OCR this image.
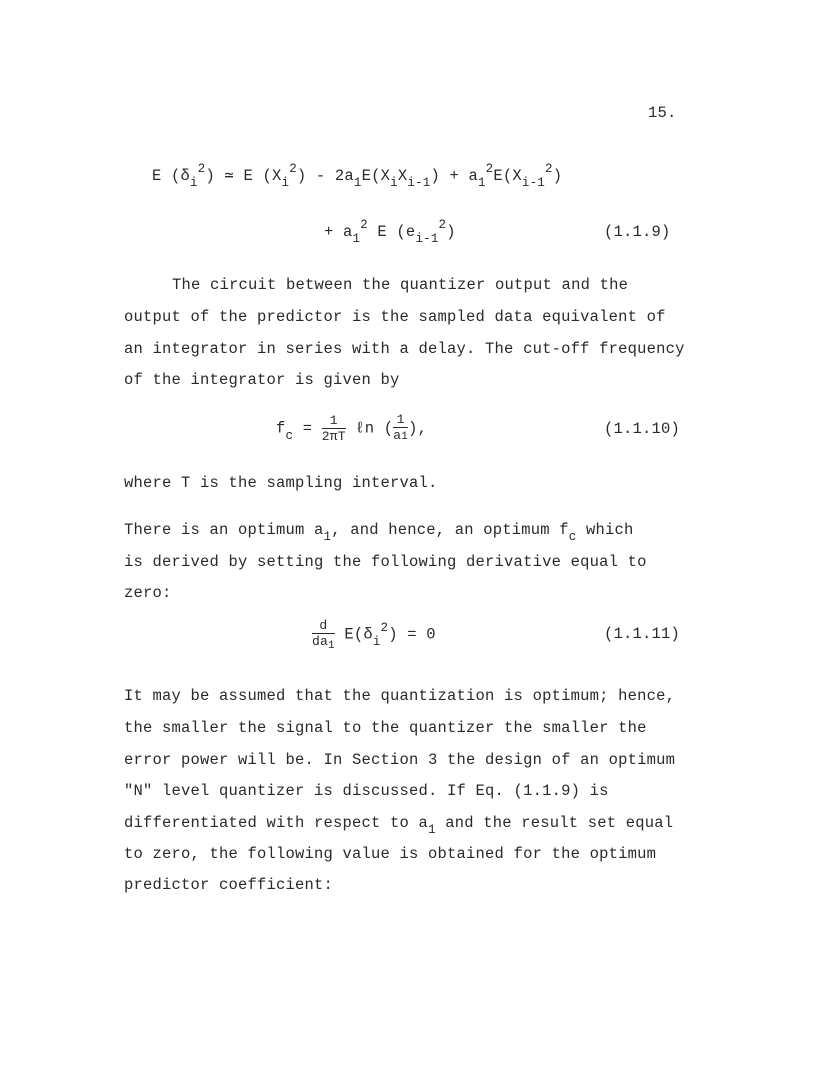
15.
E $(\delta_i^2)$ ≃ E $(X_i^2) - 2a_1E(X_iX_{i-1}) + a_1^2E(X_{i-1}^2)$
+ $a_1^2$ E $(e_{i-1}^2)$	(1.1.9)
The circuit between the quantizer output and the
output of the predictor is the sampled data equivalent of
an integrator in series with a delay. The cut-off frequency
of the integrator is given by
$f_c = \frac{1}{2\pi T}$ ℓn ( $\frac{1}{a1}$ ),	(1.1.10)
where T is the sampling interval.
There is an optimum $a_1$, and hence, an optimum $f_c$ which
is derived by setting the following derivative equal to
zero:
$\frac{d}{da_1} E(\delta_i^2) = 0$	(1.1.11)
It may be assumed that the quantization is optimum; hence,
the smaller the signal to the quantizer the smaller the
error power will be. In Section 3 the design of an optimum
"N" level quantizer is discussed. If Eq. (1.1.9) is
differentiated with respect to $a_1$ and the result set equal
to zero, the following value is obtained for the optimum
predictor coefficient:
